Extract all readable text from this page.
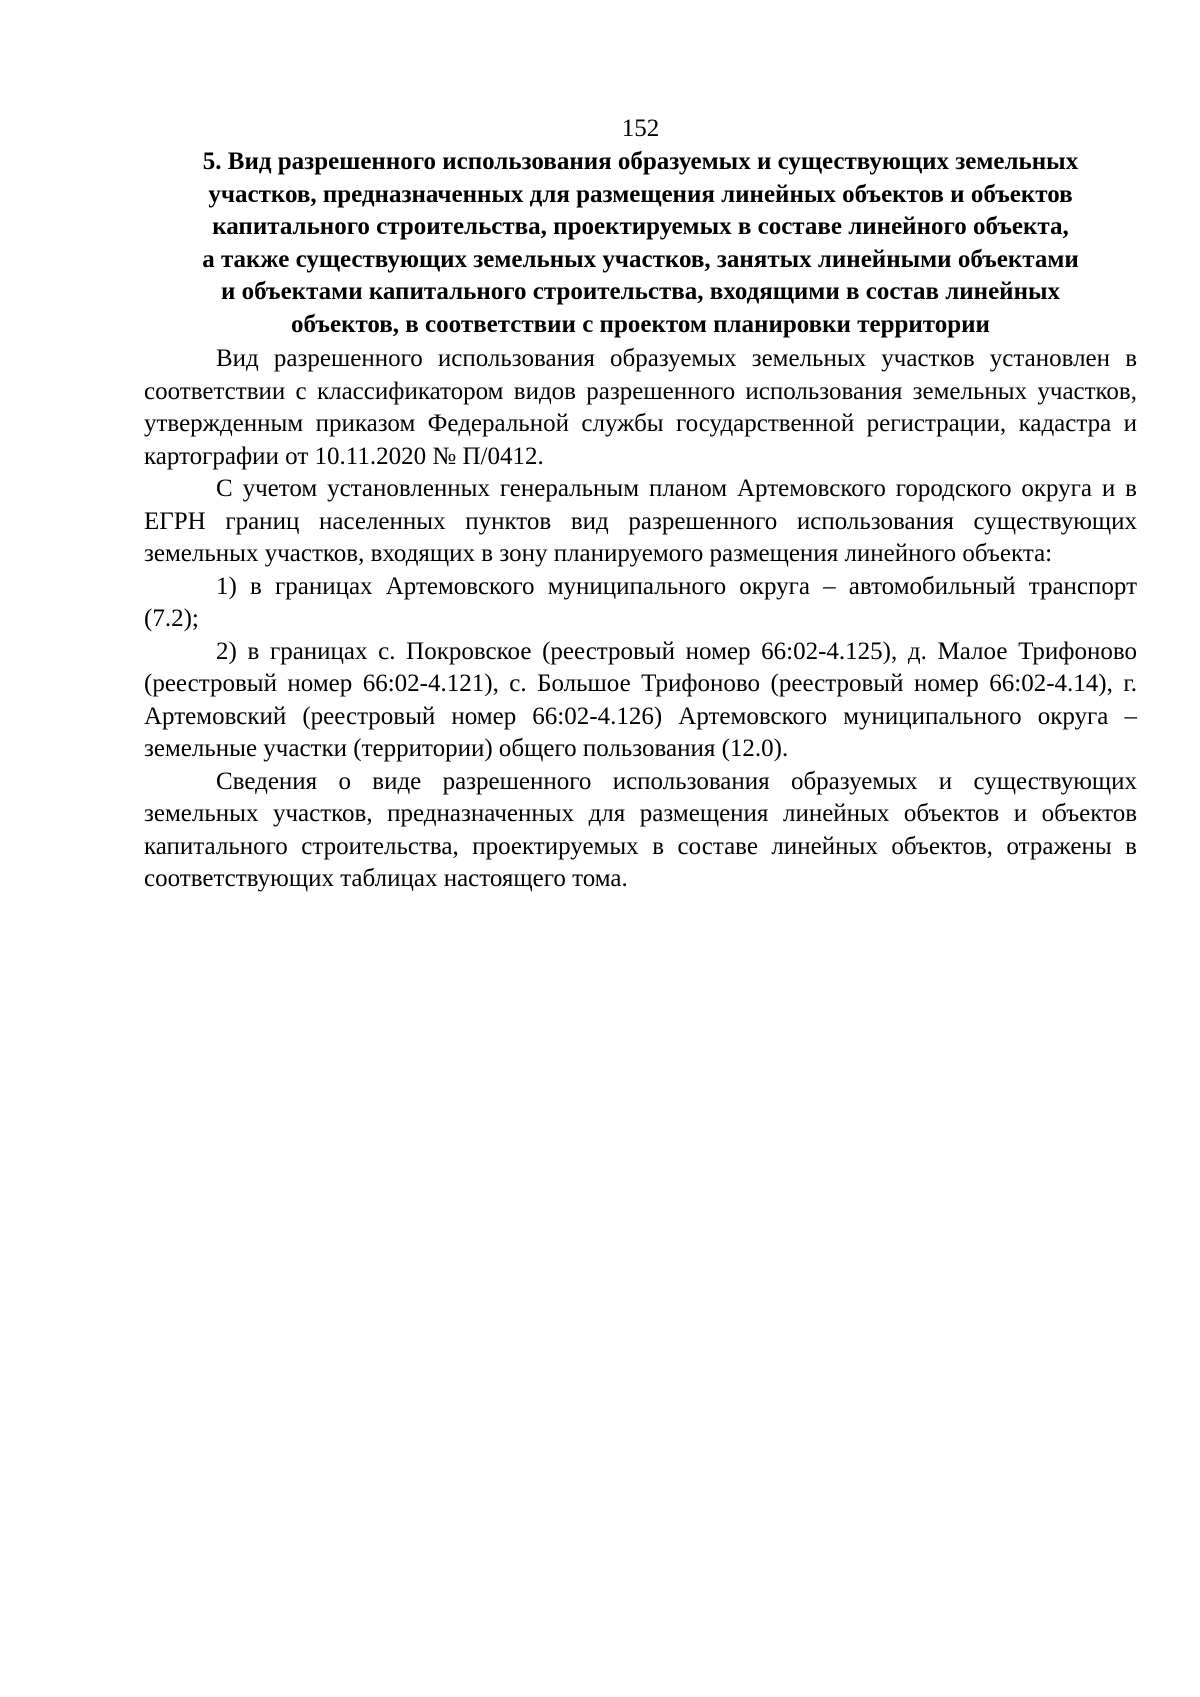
152
5. Вид разрешенного использования образуемых и существующих земельных
участков, предназначенных для размещения линейных объектов и объектов
капитального строительства, проектируемых в составе линейного объекта,
а также существующих земельных участков, занятых линейными объектами
и объектами капитального строительства, входящими в состав линейных
объектов, в соответствии с проектом планировки территории

Вид разрешенного использования образуемых земельных участков установлен в соответствии с классификатором видов разрешенного использования земельных участков, утвержденным приказом Федеральной службы государственной регистрации, кадастра и картографии от 10.11.2020 № П/0412.

С учетом установленных генеральным планом Артемовского городского округа и в ЕГРН границ населенных пунктов вид разрешенного использования существующих земельных участков, входящих в зону планируемого размещения линейного объекта:

1) в границах Артемовского муниципального округа – автомобильный транспорт (7.2);

2) в границах с. Покровское (реестровый номер 66:02-4.125), д. Малое Трифоново (реестровый номер 66:02-4.121), с. Большое Трифоново (реестровый номер 66:02-4.14), г. Артемовский (реестровый номер 66:02-4.126) Артемовского муниципального округа – земельные участки (территории) общего пользования (12.0).

Сведения о виде разрешенного использования образуемых и существующих земельных участков, предназначенных для размещения линейных объектов и объектов капитального строительства, проектируемых в составе линейных объектов, отражены в соответствующих таблицах настоящего тома.
